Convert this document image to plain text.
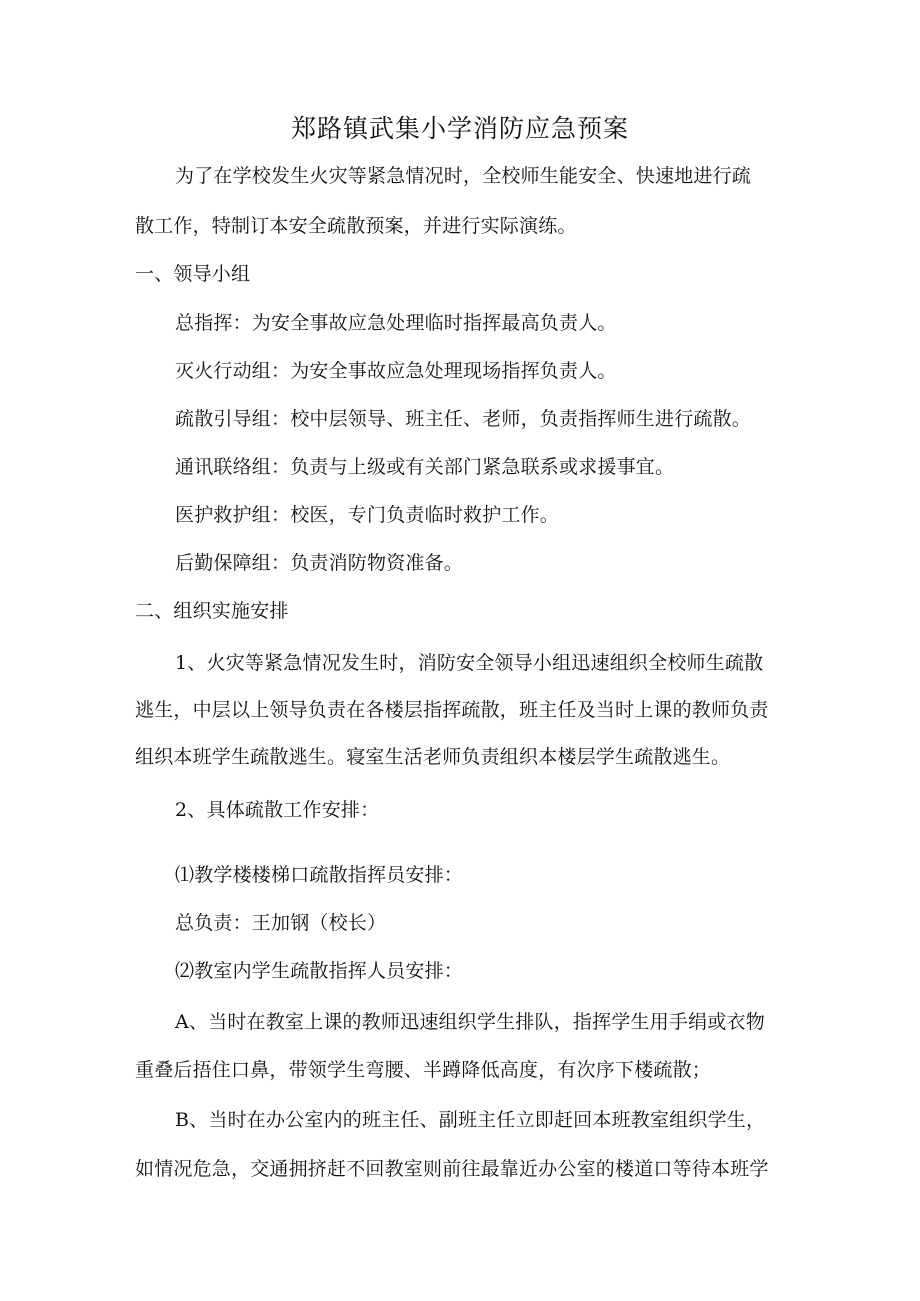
郑路镇武集小学消防应急预案

为了在学校发生火灾等紧急情况时，全校师生能安全、快速地进行疏

散工作，特制订本安全疏散预案，并进行实际演练。

一、领导小组

总指挥：为安全事故应急处理临时指挥最高负责人。

灭火行动组：为安全事故应急处理现场指挥负责人。

疏散引导组：校中层领导、班主任、老师，负责指挥师生进行疏散。

通讯联络组：负责与上级或有关部门紧急联系或求援事宜。

医护救护组：校医，专门负责临时救护工作。

后勤保障组：负责消防物资准备。

二、组织实施安排

1、火灾等紧急情况发生时，消防安全领导小组迅速组织全校师生疏散

逃生，中层以上领导负责在各楼层指挥疏散，班主任及当时上课的教师负责

组织本班学生疏散逃生。寝室生活老师负责组织本楼层学生疏散逃生。

2、具体疏散工作安排：

⑴教学楼楼梯口疏散指挥员安排：

总负责：王加钢（校长）

⑵教室内学生疏散指挥人员安排：

A、当时在教室上课的教师迅速组织学生排队，指挥学生用手绢或衣物

重叠后捂住口鼻，带领学生弯腰、半蹲降低高度，有次序下楼疏散；

B、当时在办公室内的班主任、副班主任立即赶回本班教室组织学生，

如情况危急，交通拥挤赶不回教室则前往最靠近办公室的楼道口等待本班学
